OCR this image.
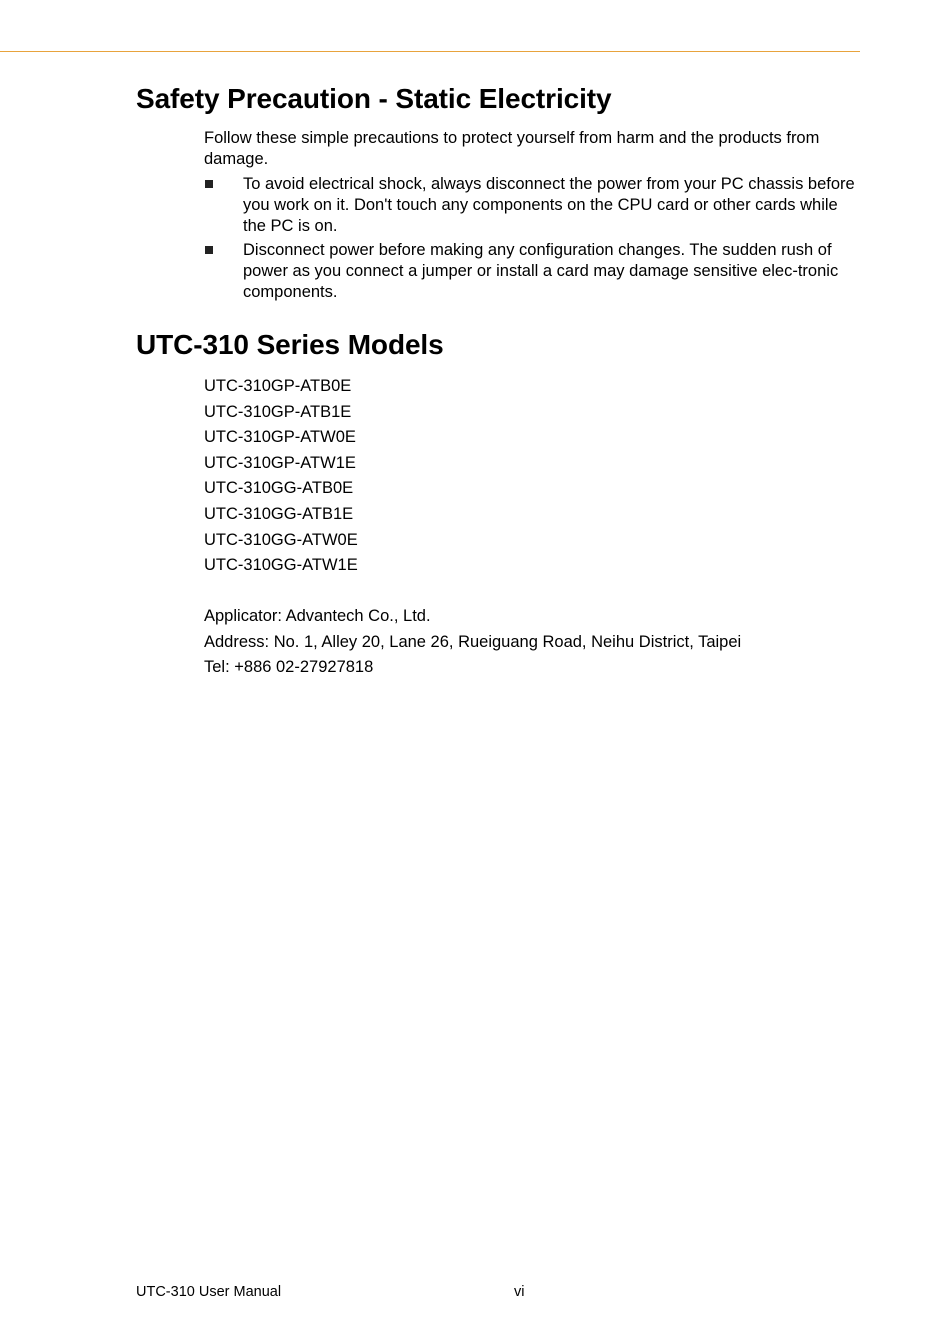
Safety Precaution - Static Electricity
Follow these simple precautions to protect yourself from harm and the products from damage.
To avoid electrical shock, always disconnect the power from your PC chassis before you work on it. Don't touch any components on the CPU card or other cards while the PC is on.
Disconnect power before making any configuration changes. The sudden rush of power as you connect a jumper or install a card may damage sensitive elec-tronic components.
UTC-310 Series Models
UTC-310GP-ATB0E
UTC-310GP-ATB1E
UTC-310GP-ATW0E
UTC-310GP-ATW1E
UTC-310GG-ATB0E
UTC-310GG-ATB1E
UTC-310GG-ATW0E
UTC-310GG-ATW1E
Applicator: Advantech Co., Ltd.
Address: No. 1, Alley 20, Lane 26, Rueiguang Road, Neihu District, Taipei
Tel: +886 02-27927818
UTC-310 User Manual	vi
